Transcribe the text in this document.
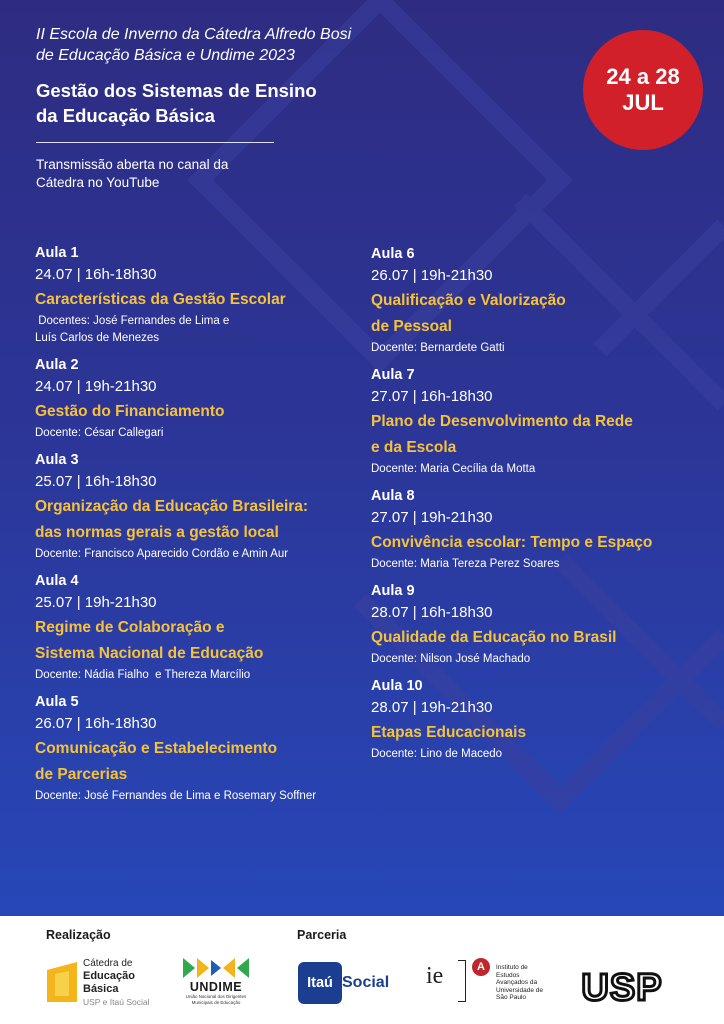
II Escola de Inverno da Cátedra Alfredo Bosi
de Educação Básica e Undime 2023
Gestão dos Sistemas de Ensino
da Educação Básica
Transmissão aberta no canal da
Cátedra no YouTube
24 a 28
JUL
Aula 1
24.07 | 16h-18h30
Características da Gestão Escolar
Docentes: José Fernandes de Lima e
Luís Carlos de Menezes
Aula 2
24.07 | 19h-21h30
Gestão do Financiamento
Docente: César Callegari
Aula 3
25.07 | 16h-18h30
Organização da Educação Brasileira:
das normas gerais a gestão local
Docente: Francisco Aparecido Cordão e Amin Aur
Aula 4
25.07 | 19h-21h30
Regime de Colaboração e
Sistema Nacional de Educação
Docente: Nádia Fialho  e Thereza Marcílio
Aula 5
26.07 | 16h-18h30
Comunicação e Estabelecimento
de Parcerias
Docente: José Fernandes de Lima e Rosemary Soffner
Aula 6
26.07 | 19h-21h30
Qualificação e Valorização
de Pessoal
Docente: Bernardete Gatti
Aula 7
27.07 | 16h-18h30
Plano de Desenvolvimento da Rede
e da Escola
Docente: Maria Cecília da Motta
Aula 8
27.07 | 19h-21h30
Convivência escolar: Tempo e Espaço
Docente: Maria Tereza Perez Soares
Aula 9
28.07 | 16h-18h30
Qualidade da Educação no Brasil
Docente: Nilson José Machado
Aula 10
28.07 | 19h-21h30
Etapas Educacionais
Docente: Lino de Macedo
Realização	Parceria
Cátedra de
Educação
Básica
USP e Itaú Social
UNDIME
União Nacional dos Dirigentes
Municipais de Educação
Itaú Social ie	A	Instituto de
Estudos
Avançados da
Universidade de
São Paulo	USP
